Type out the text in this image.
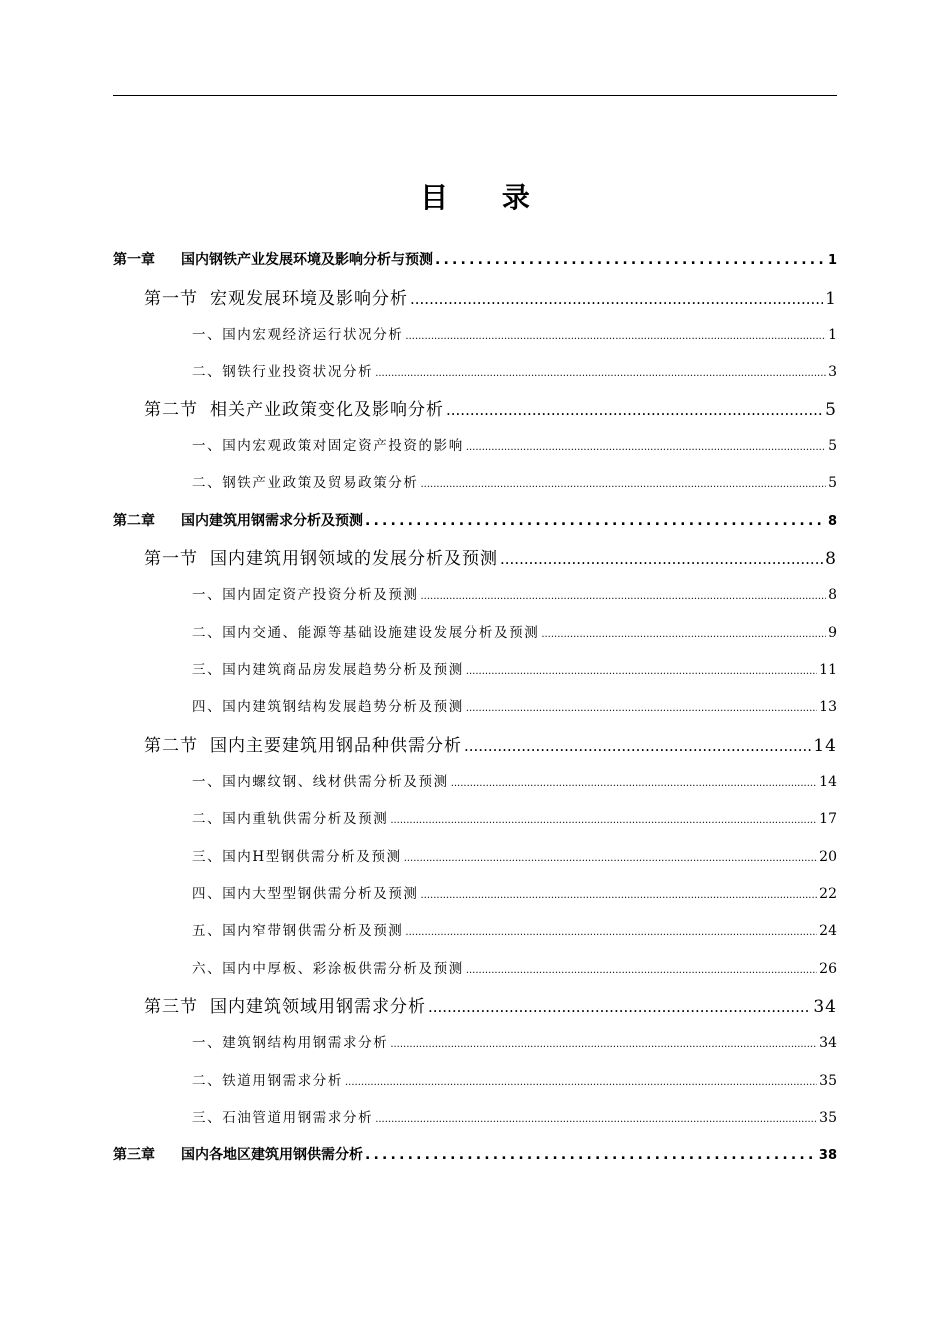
目 录
第一章 国内钢铁产业发展环境及影响分析与预测 .....	1
第一节 宏观发展环境及影响分析 .....	1
一、国内宏观经济运行状况分析 .....	1
二、钢铁行业投资状况分析 .....	3
第二节 相关产业政策变化及影响分析 .....	5
一、国内宏观政策对固定资产投资的影响 .....	5
二、钢铁产业政策及贸易政策分析 .....	5
第二章 国内建筑用钢需求分析及预测 .....	8
第一节 国内建筑用钢领域的发展分析及预测 .....	8
一、国内固定资产投资分析及预测 .....	8
二、国内交通、能源等基础设施建设发展分析及预测 .....	9
三、国内建筑商品房发展趋势分析及预测 .....	11
四、国内建筑钢结构发展趋势分析及预测 .....	13
第二节 国内主要建筑用钢品种供需分析 .....	14
一、国内螺纹钢、线材供需分析及预测 .....	14
二、国内重轨供需分析及预测 .....	17
三、国内H型钢供需分析及预测 .....	20
四、国内大型型钢供需分析及预测 .....	22
五、国内窄带钢供需分析及预测 .....	24
六、国内中厚板、彩涂板供需分析及预测 .....	26
第三节 国内建筑领域用钢需求分析 .....	34
一、建筑钢结构用钢需求分析 .....	34
二、铁道用钢需求分析 .....	35
三、石油管道用钢需求分析 .....	35
第三章 国内各地区建筑用钢供需分析 .....	38
